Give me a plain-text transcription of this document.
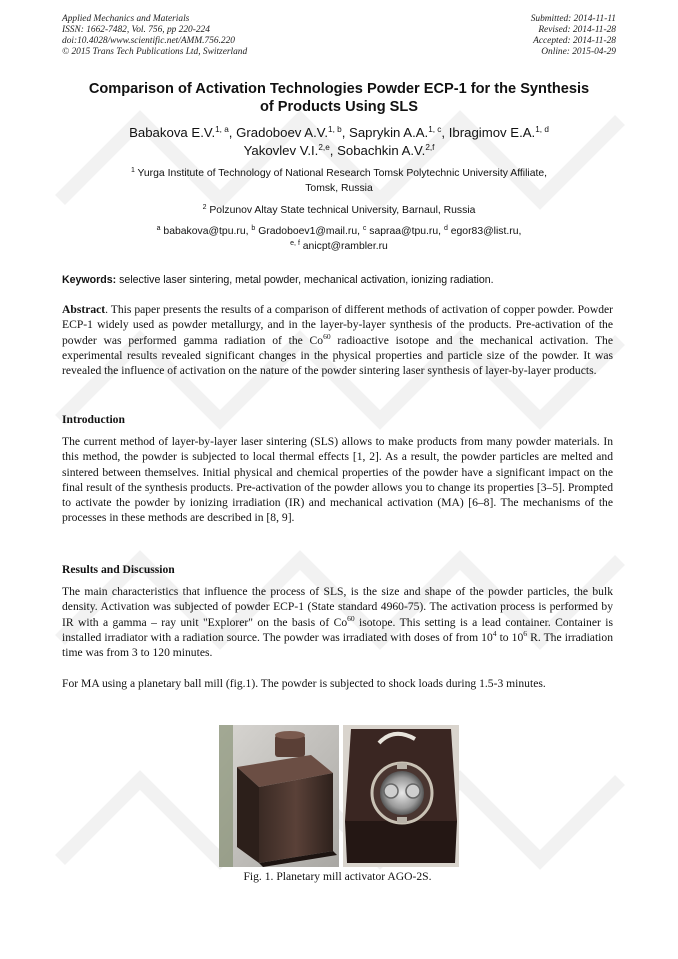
Applied Mechanics and Materials
ISSN: 1662-7482, Vol. 756, pp 220-224
doi:10.4028/www.scientific.net/AMM.756.220
© 2015 Trans Tech Publications Ltd, Switzerland
Submitted: 2014-11-11
Revised: 2014-11-28
Accepted: 2014-11-28
Online: 2015-04-29
Comparison of Activation Technologies Powder ECP-1 for the Synthesis
of Products Using SLS
Babakova E.V.$^{1, a}$, Gradoboev A.V.$^{1, b}$, Saprykin A.A.$^{1, c}$, Ibragimov E.A.$^{1, d}$
Yakovlev V.I.$^{2,e}$, Sobachkin A.V.$^{2,f}$
$^1$ Yurga Institute of Technology of National Research Tomsk Polytechnic University Affiliate,
Tomsk, Russia
$^2$ Polzunov Altay State technical University, Barnaul, Russia
$^a$ babakova@tpu.ru, $^b$ Gradoboev1@mail.ru, $^c$ sapraa@tpu.ru, $^d$ egor83@list.ru,
$^{e, f}$ anicpt@rambler.ru
Keywords: selective laser sintering, metal powder, mechanical activation, ionizing radiation.
Abstract. This paper presents the results of a comparison of different methods of activation of copper powder. Powder ECP-1 widely used as powder metallurgy, and in the layer-by-layer synthesis of the products. Pre-activation of the powder was performed gamma radiation of the Co$^{60}$ radioactive isotope and the mechanical activation. The experimental results revealed significant changes in the physical properties and particle size of the powder. It was revealed the influence of activation on the nature of the powder sintering laser synthesis of layer-by-layer products.
Introduction
The current method of layer-by-layer laser sintering (SLS) allows to make products from many powder materials. In this method, the powder is subjected to local thermal effects [1, 2]. As a result, the powder particles are melted and sintered between themselves. Initial physical and chemical properties of the powder have a significant impact on the final result of the synthesis products. Pre-activation of the powder allows you to change its properties [3–5]. Prompted to activate the powder by ionizing irradiation (IR) and mechanical activation (MA) [6–8]. The mechanisms of the processes in these methods are described in [8, 9].
Results and Discussion
The main characteristics that influence the process of SLS, is the size and shape of the powder particles, the bulk density. Activation was subjected of powder ECP-1 (State standard 4960-75). The activation process is performed by IR with a gamma – ray unit "Explorer" on the basis of Co$^{60}$ isotope. This setting is a lead container. Container is installed irradiator with a radiation source. The powder was irradiated with doses of from $10^4$ to $10^6$ R. The irradiation time was from 3 to 120 minutes.
For MA using a planetary ball mill (fig.1). The powder is subjected to shock loads during 1.5-3 minutes.
Fig. 1. Planetary mill activator AGO-2S.
